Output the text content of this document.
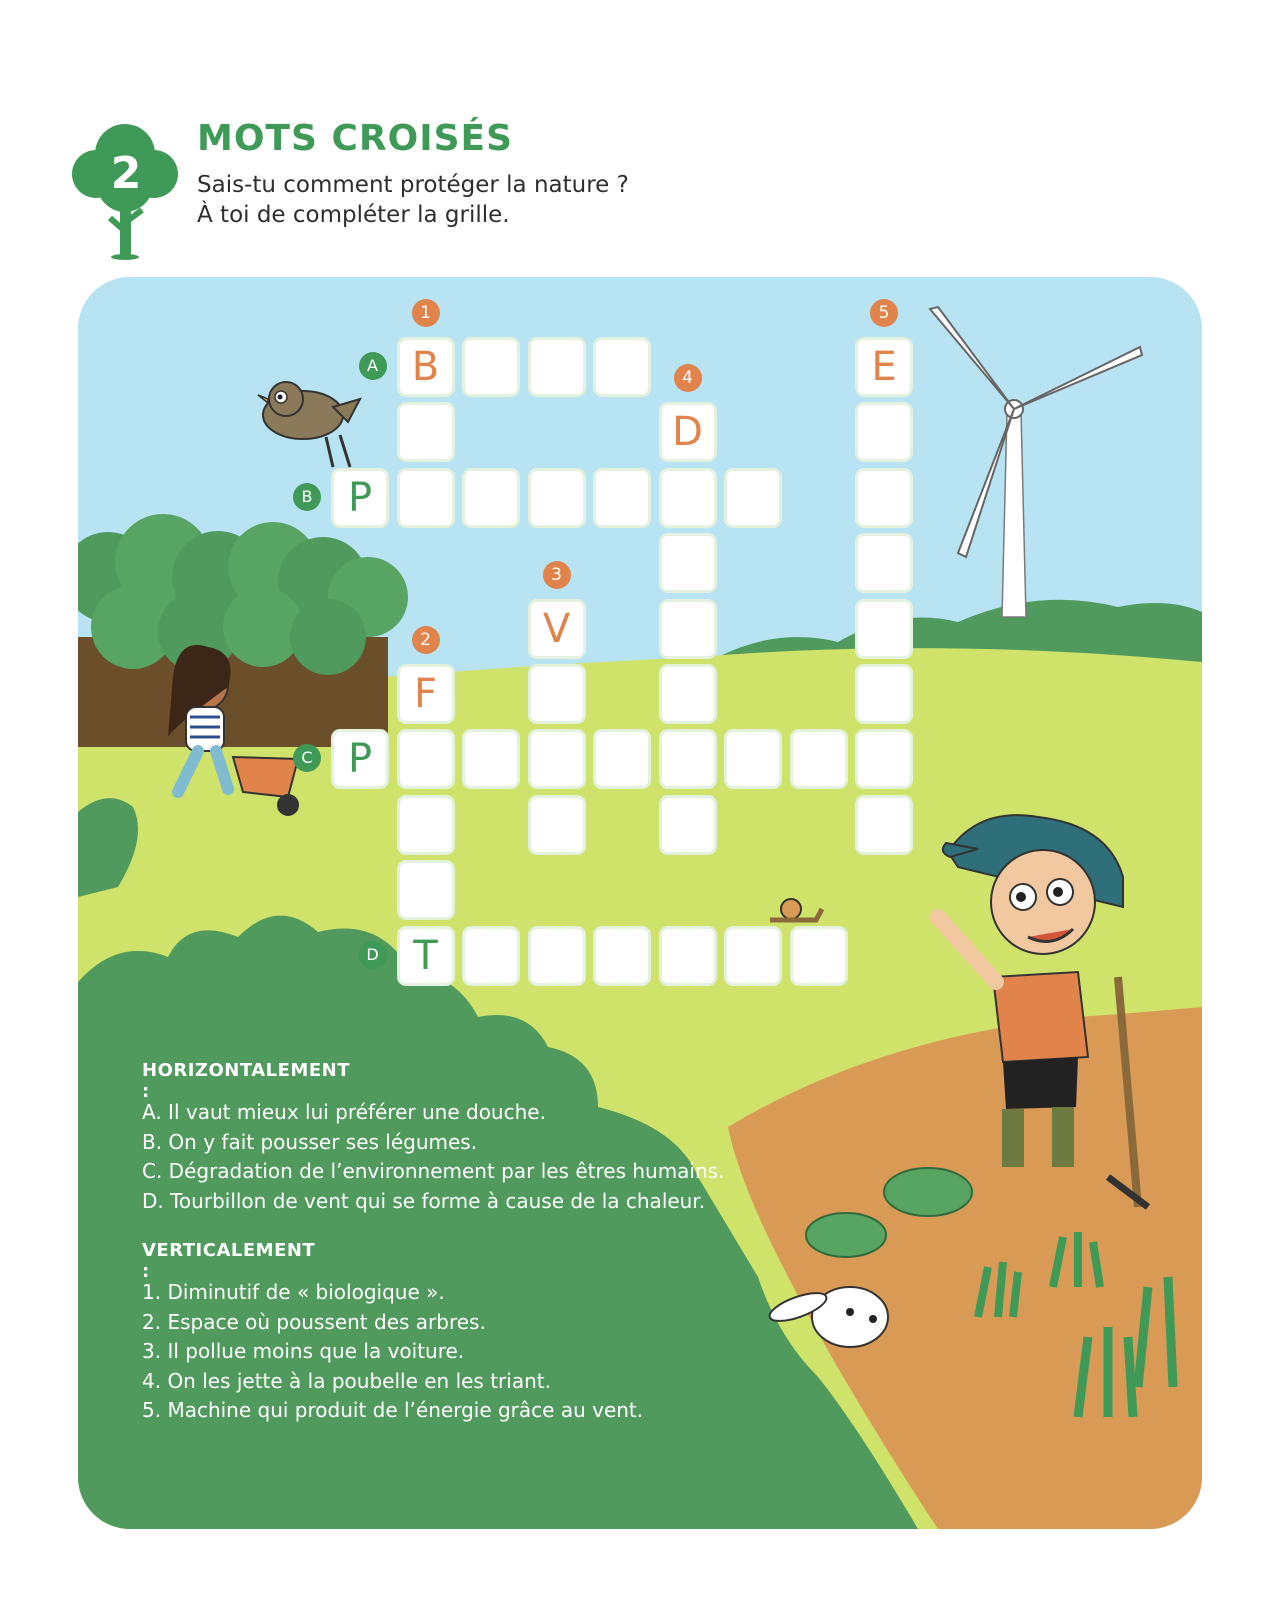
2
MOTS CROISÉS
Sais-tu comment protéger la nature ?
À toi de compléter la grille.
B
P
P
T
F
V
D
E
1
2
3
4
5
A
B
C
D
HORIZONTALEMENT :
A. Il vaut mieux lui préférer une douche.
B. On y fait pousser ses légumes.
C. Dégradation de l’environnement par les êtres humains.
D. Tourbillon de vent qui se forme à cause de la chaleur.
VERTICALEMENT :
1. Diminutif de « biologique ».
2. Espace où poussent des arbres.
3. Il pollue moins que la voiture.
4. On les jette à la poubelle en les triant.
5. Machine qui produit de l’énergie grâce au vent.
